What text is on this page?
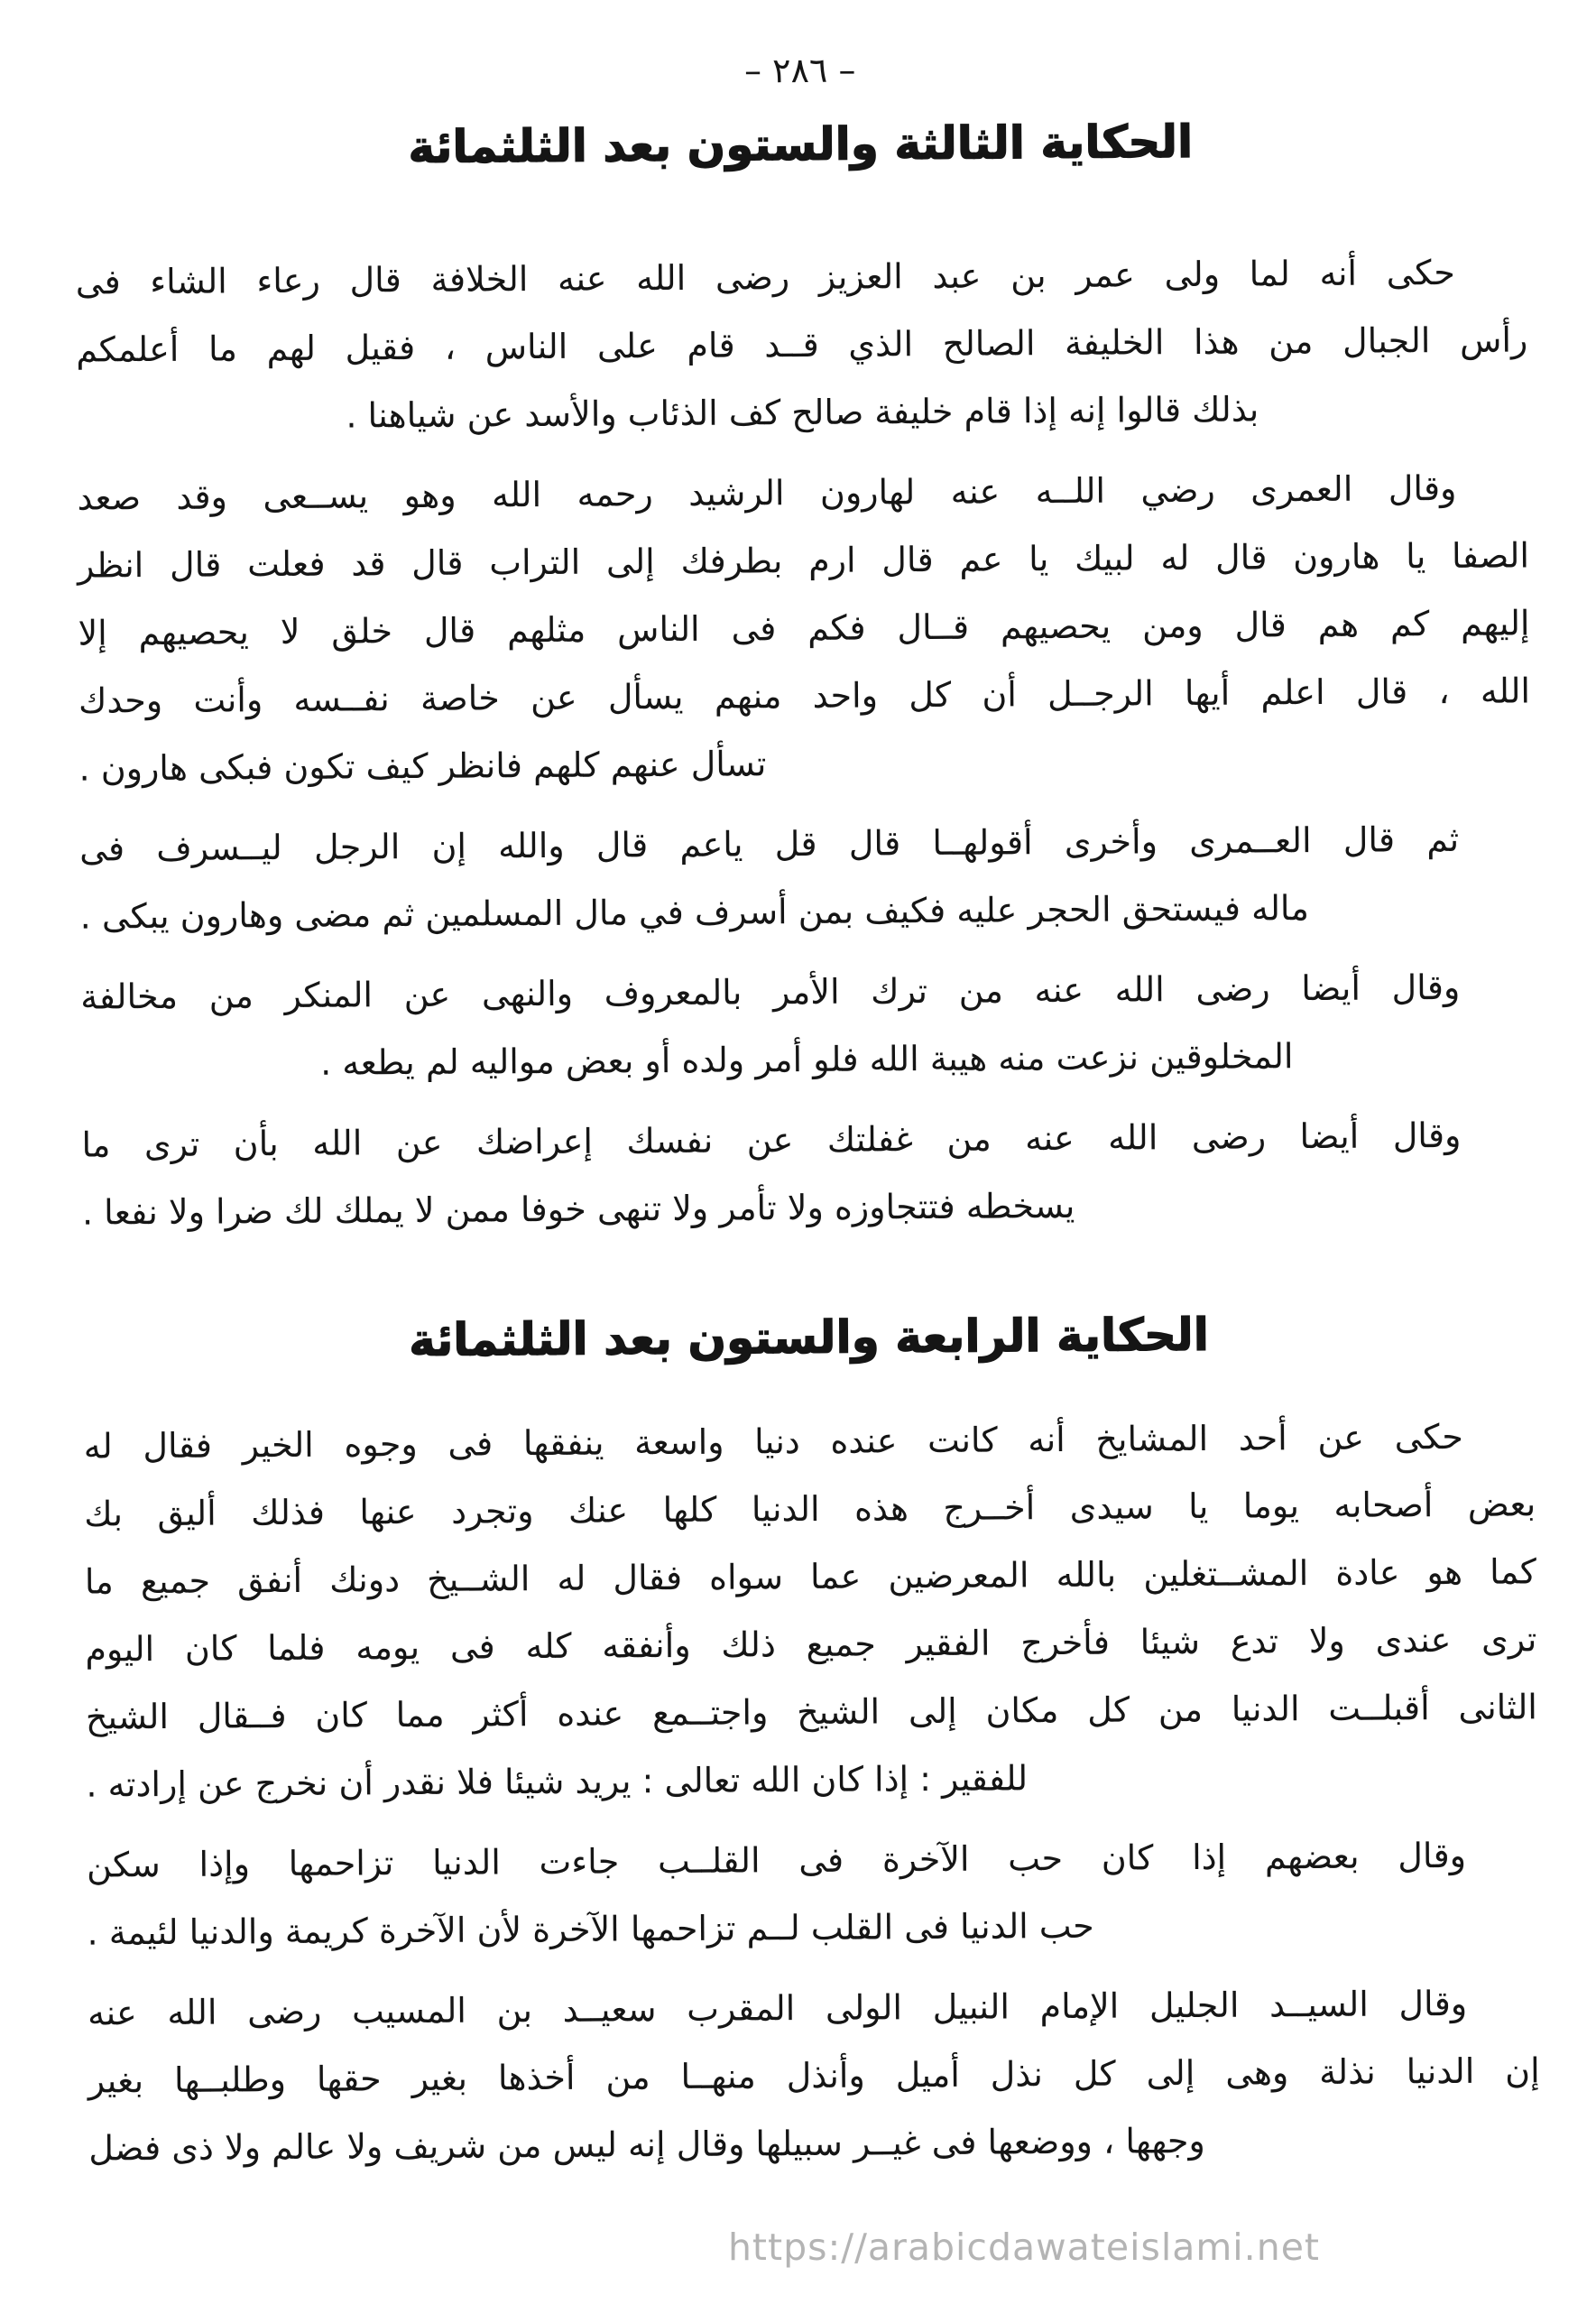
– ٢٨٦ –
الحكاية الثالثة والستون بعد الثلثمائة
حكى أنه لما ولى عمر بن عبد العزيز رضى الله عنه الخلافة قال رعاء الشاء فى
رأس الجبال من هذا الخليفة الصالح الذي قــد قام على الناس ، فقيل لهم ما أعلمكم
بذلك قالوا إنه إذا قام خليفة صالح كف الذئاب والأسد عن شياهنا .
وقال العمرى رضي اللــه عنه لهارون الرشيد رحمه الله وهو يســعى وقد صعد
الصفا يا هارون قال له لبيك يا عم قال ارم بطرفك إلى التراب قال قد فعلت قال انظر
إليهم كم هم قال ومن يحصيهم قــال فكم فى الناس مثلهم قال خلق لا يحصيهم إلا
الله ، قال اعلم أيها الرجــل أن كل واحد منهم يسأل عن خاصة نفــسه وأنت وحدك
تسأل عنهم كلهم فانظر كيف تكون فبكى هارون .
ثم قال العــمرى وأخرى أقولهــا قال قل ياعم قال والله إن الرجل ليــسرف فى
ماله فيستحق الحجر عليه فكيف بمن أسرف في مال المسلمين ثم مضى وهارون يبكى .
وقال أيضا رضى الله عنه من ترك الأمر بالمعروف والنهى عن المنكر من مخالفة
المخلوقين نزعت منه هيبة الله فلو أمر ولده أو بعض مواليه لم يطعه .
وقال أيضا رضى الله عنه من غفلتك عن نفسك إعراضك عن الله بأن ترى ما
يسخطه فتتجاوزه ولا تأمر ولا تنهى خوفا ممن لا يملك لك ضرا ولا نفعا .
الحكاية الرابعة والستون بعد الثلثمائة
حكى عن أحد المشايخ أنه كانت عنده دنيا واسعة ينفقها فى وجوه الخير فقال له
بعض أصحابه يوما يا سيدى أخــرج هذه الدنيا كلها عنك وتجرد عنها فذلك أليق بك
كما هو عادة المشــتغلين بالله المعرضين عما سواه فقال له الشــيخ دونك أنفق جميع ما
ترى عندى ولا تدع شيئا فأخرج الفقير جميع ذلك وأنفقه كله فى يومه فلما كان اليوم
الثانى أقبلــت الدنيا من كل مكان إلى الشيخ واجتــمع عنده أكثر مما كان فــقال الشيخ
للفقير : إذا كان الله تعالى : يريد شيئا فلا نقدر أن نخرج عن إرادته .
وقال بعضهم إذا كان حب الآخرة فى القلــب جاءت الدنيا تزاحمها وإذا سكن
حب الدنيا فى القلب لــم تزاحمها الآخرة لأن الآخرة كريمة والدنيا لئيمة .
وقال السيــد الجليل الإمام النبيل الولى المقرب سعيــد بن المسيب رضى الله عنه
إن الدنيا نذلة وهى إلى كل نذل أميل وأنذل منهــا من أخذها بغير حقها وطلبــها بغير
وجهها ، ووضعها فى غيــر سبيلها وقال إنه ليس من شريف ولا عالم ولا ذى فضل
https://arabicdawateislami.net
